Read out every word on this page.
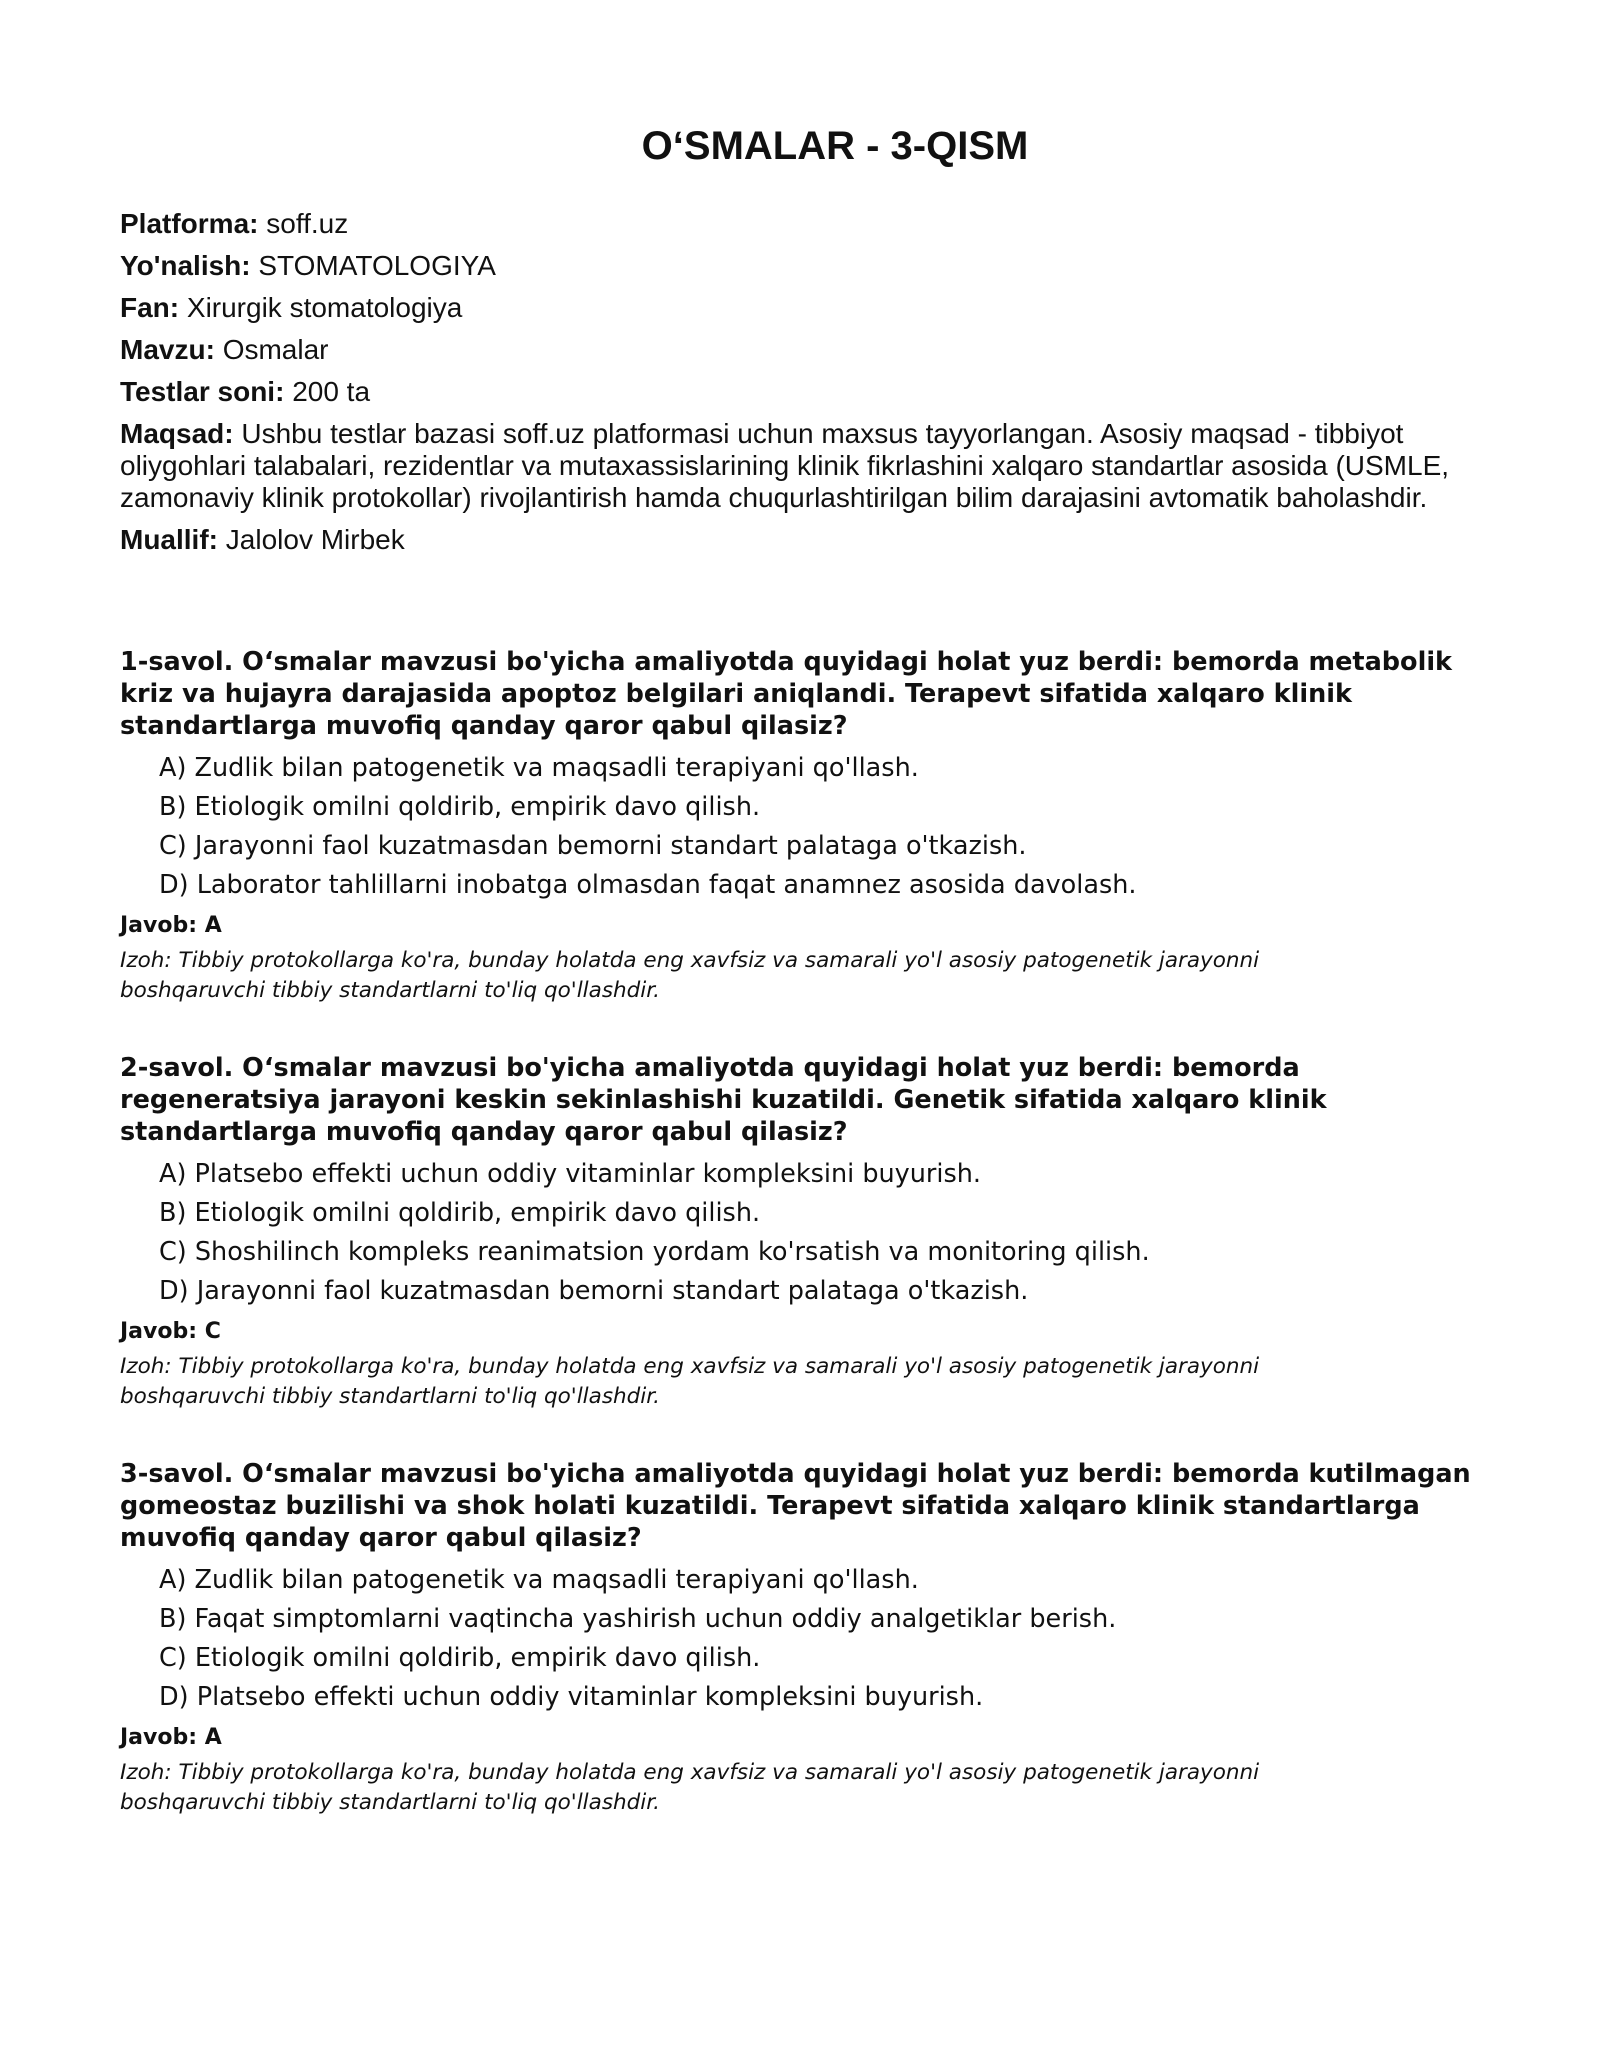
O‘SMALAR - 3-QISM

Platforma: soff.uz

Yo'nalish: STOMATOLOGIYA

Fan: Xirurgik stomatologiya

Mavzu: Osmalar

Testlar soni: 200 ta

Maqsad: Ushbu testlar bazasi soff.uz platformasi uchun maxsus tayyorlangan. Asosiy maqsad - tibbiyot oliygohlari talabalari, rezidentlar va mutaxassislarining klinik fikrlashini xalqaro standartlar asosida (USMLE, zamonaviy klinik protokollar) rivojlantirish hamda chuqurlashtirilgan bilim darajasini avtomatik baholashdir.

Muallif: Jalolov Mirbek

1-savol. O‘smalar mavzusi bo'yicha amaliyotda quyidagi holat yuz berdi: bemorda metabolik kriz va hujayra darajasida apoptoz belgilari aniqlandi. Terapevt sifatida xalqaro klinik standartlarga muvofiq qanday qaror qabul qilasiz?

A) Zudlik bilan patogenetik va maqsadli terapiyani qo'llash.
B) Etiologik omilni qoldirib, empirik davo qilish.
C) Jarayonni faol kuzatmasdan bemorni standart palataga o'tkazish.
D) Laborator tahlillarni inobatga olmasdan faqat anamnez asosida davolash.

Javob: A

Izoh: Tibbiy protokollarga ko'ra, bunday holatda eng xavfsiz va samarali yo'l asosiy patogenetik jarayonni boshqaruvchi tibbiy standartlarni to'liq qo'llashdir.

2-savol. O‘smalar mavzusi bo'yicha amaliyotda quyidagi holat yuz berdi: bemorda regeneratsiya jarayoni keskin sekinlashishi kuzatildi. Genetik sifatida xalqaro klinik standartlarga muvofiq qanday qaror qabul qilasiz?

A) Platsebo effekti uchun oddiy vitaminlar kompleksini buyurish.
B) Etiologik omilni qoldirib, empirik davo qilish.
C) Shoshilinch kompleks reanimatsion yordam ko'rsatish va monitoring qilish.
D) Jarayonni faol kuzatmasdan bemorni standart palataga o'tkazish.

Javob: C

Izoh: Tibbiy protokollarga ko'ra, bunday holatda eng xavfsiz va samarali yo'l asosiy patogenetik jarayonni boshqaruvchi tibbiy standartlarni to'liq qo'llashdir.

3-savol. O‘smalar mavzusi bo'yicha amaliyotda quyidagi holat yuz berdi: bemorda kutilmagan gomeostaz buzilishi va shok holati kuzatildi. Terapevt sifatida xalqaro klinik standartlarga muvofiq qanday qaror qabul qilasiz?

A) Zudlik bilan patogenetik va maqsadli terapiyani qo'llash.
B) Faqat simptomlarni vaqtincha yashirish uchun oddiy analgetiklar berish.
C) Etiologik omilni qoldirib, empirik davo qilish.
D) Platsebo effekti uchun oddiy vitaminlar kompleksini buyurish.

Javob: A

Izoh: Tibbiy protokollarga ko'ra, bunday holatda eng xavfsiz va samarali yo'l asosiy patogenetik jarayonni boshqaruvchi tibbiy standartlarni to'liq qo'llashdir.
